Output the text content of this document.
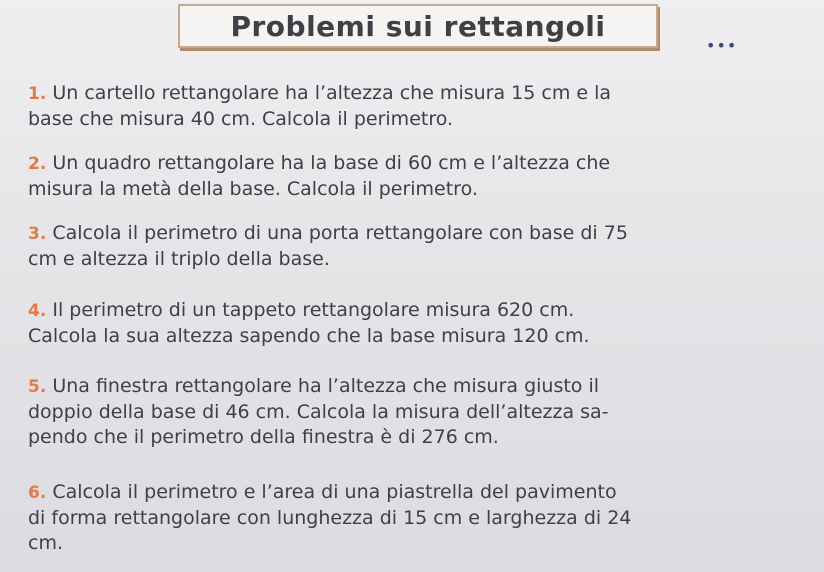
Problemi sui rettangoli
•••
1. Un cartello rettangolare ha l’altezza che misura 15 cm e la
base che misura 40 cm. Calcola il perimetro.
2. Un quadro rettangolare ha la base di 60 cm e l’altezza che
misura la metà della base. Calcola il perimetro.
3. Calcola il perimetro di una porta rettangolare con base di 75
cm e altezza il triplo della base.
4. Il perimetro di un tappeto rettangolare misura 620 cm.
Calcola la sua altezza sapendo che la base misura 120 cm.
5. Una finestra rettangolare ha l’altezza che misura giusto il
doppio della base di 46 cm. Calcola la misura dell’altezza sa-
pendo che il perimetro della finestra è di 276 cm.
6. Calcola il perimetro e l’area di una piastrella del pavimento
di forma rettangolare con lunghezza di 15 cm e larghezza di 24
cm.
